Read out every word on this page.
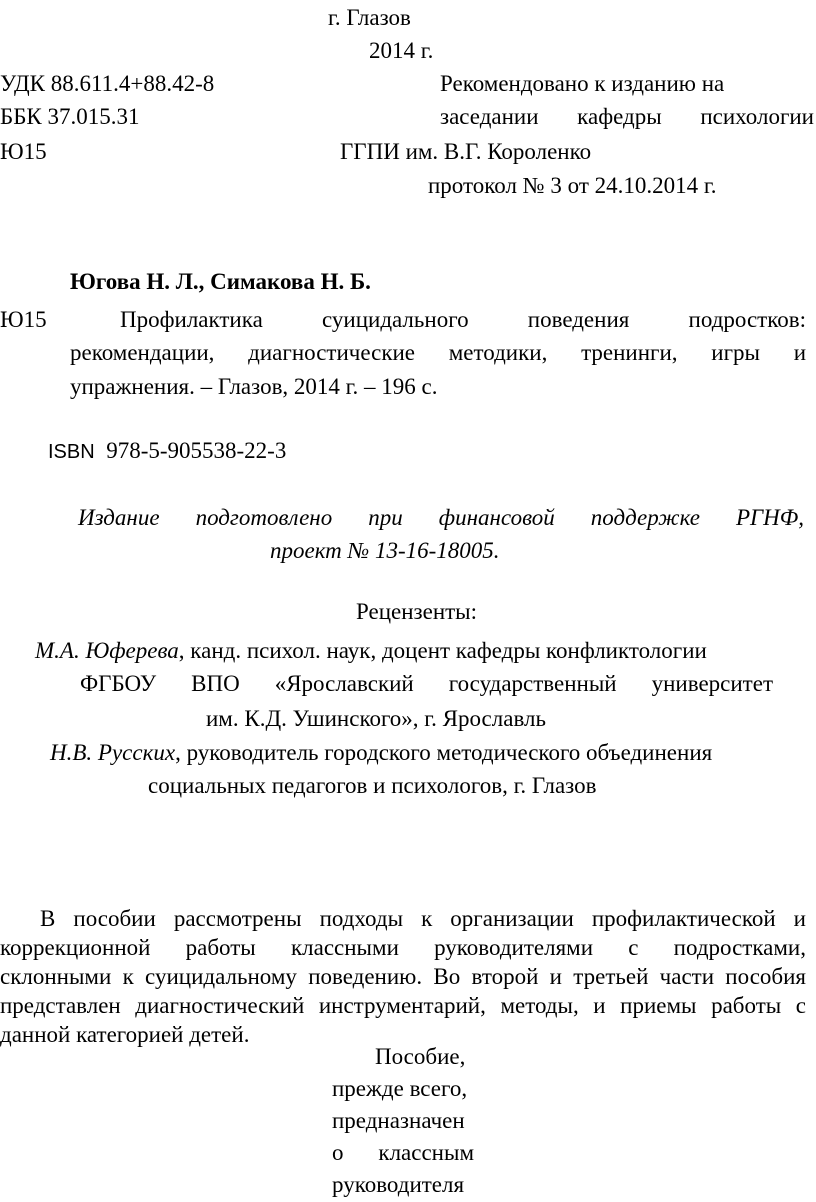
г. Глазов
2014 г.
УДК 88.611.4+88.42-8
ББК 37.015.31
Ю15
Рекомендовано к изданию на
заседании кафедры психологии
ГГПИ им. В.Г. Короленко
протокол № 3 от 24.10.2014 г.
Югова Н. Л., Симакова Н. Б.
Ю15	Профилактика суицидального поведения подростков:
рекомендации, диагностические методики, тренинги, игры и
упражнения. – Глазов, 2014 г. – 196 с.
ISBN 978-5-905538-22-3
Издание подготовлено при финансовой поддержке РГНФ,
проект № 13-16-18005.
Рецензенты:
М.А. Юферева, канд. психол. наук, доцент кафедры конфликтологии
ФГБОУ ВПО «Ярославский государственный университет
им. К.Д. Ушинского», г. Ярославль
Н.В. Русских, руководитель городского методического объединения
социальных педагогов и психологов, г. Глазов
В пособии рассмотрены подходы к организации профилактической и
коррекционной работы классными руководителями с подростками,
склонными к суицидальному поведению. Во второй и третьей части пособия
представлен диагностический инструментарий, методы, и приемы работы с
данной категорией детей.
Пособие,
прежде всего,
предназначен
о классным
руководителя
